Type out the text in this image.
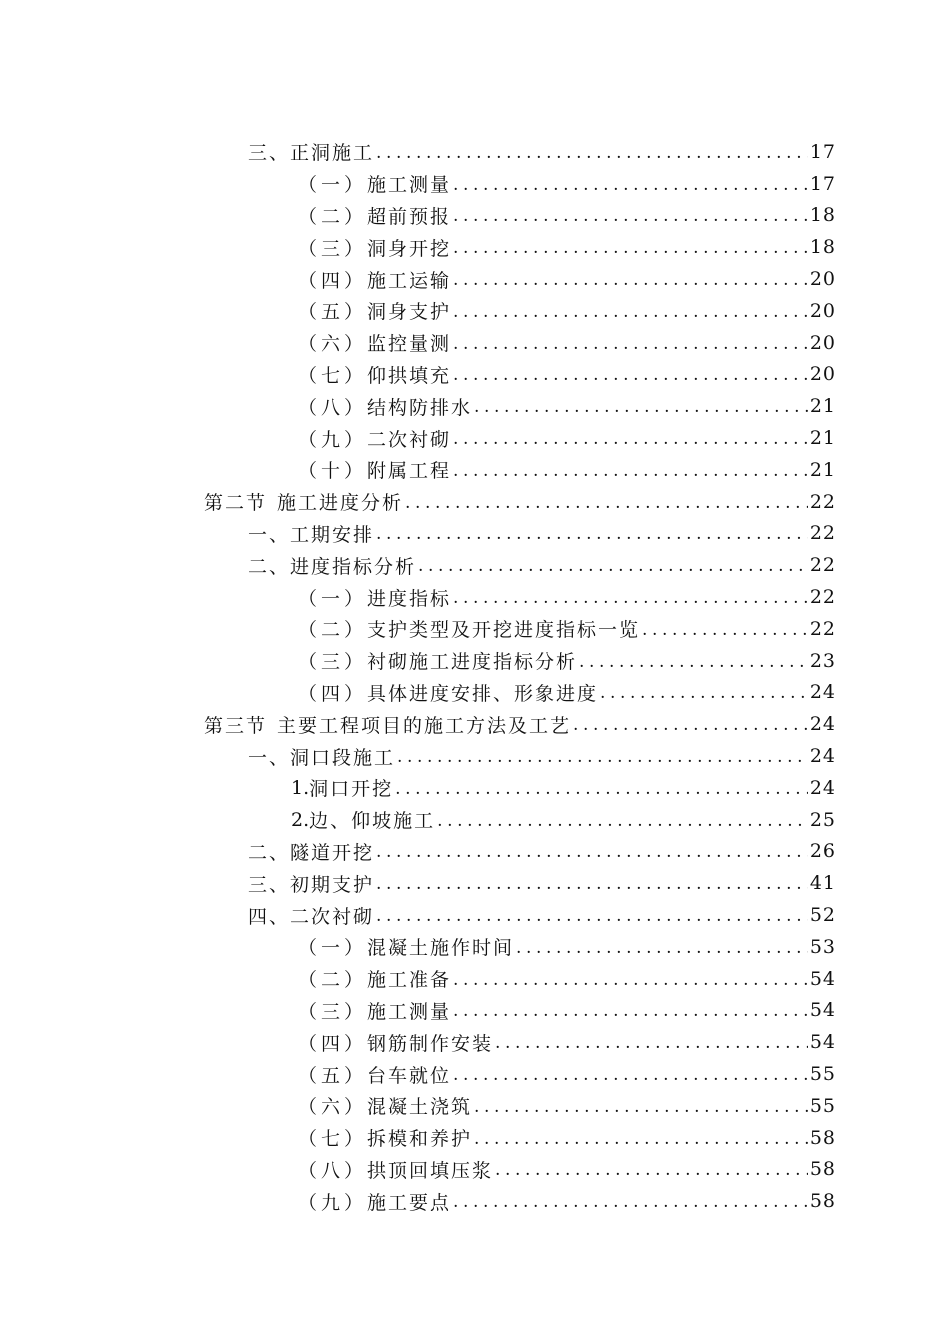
三、 正洞施工 .....	17
（一） 施工测量 .....	17
（二） 超前预报 .....	18
（三） 洞身开挖 .....	18
（四） 施工运输 .....	20
（五） 洞身支护 .....	20
（六） 监控量测 .....	20
（七） 仰拱填充 .....	20
（八） 结构防排水 .....	21
（九） 二次衬砌 .....	21
（十） 附属工程 .....	21
第二节 施工进度分析 .....	22
一、 工期安排 .....	22
二、 进度指标分析 .....	22
（一） 进度指标 .....	22
（二） 支护类型及开挖进度指标一览 .....	22
（三） 衬砌施工进度指标分析 .....	23
（四） 具体进度安排、形象进度 .....	24
第三节 主要工程项目的施工方法及工艺 .....	24
一、 洞口段施工 .....	24
1. 洞口开挖 .....	24
2. 边、仰坡施工 .....	25
二、 隧道开挖 .....	26
三、 初期支护 .....	41
四、 二次衬砌 .....	52
（一） 混凝土施作时间 .....	53
（二） 施工准备 .....	54
（三） 施工测量 .....	54
（四） 钢筋制作安装 .....	54
（五） 台车就位 .....	55
（六） 混凝土浇筑 .....	55
（七） 拆模和养护 .....	58
（八） 拱顶回填压浆 .....	58
（九） 施工要点 .....	58
